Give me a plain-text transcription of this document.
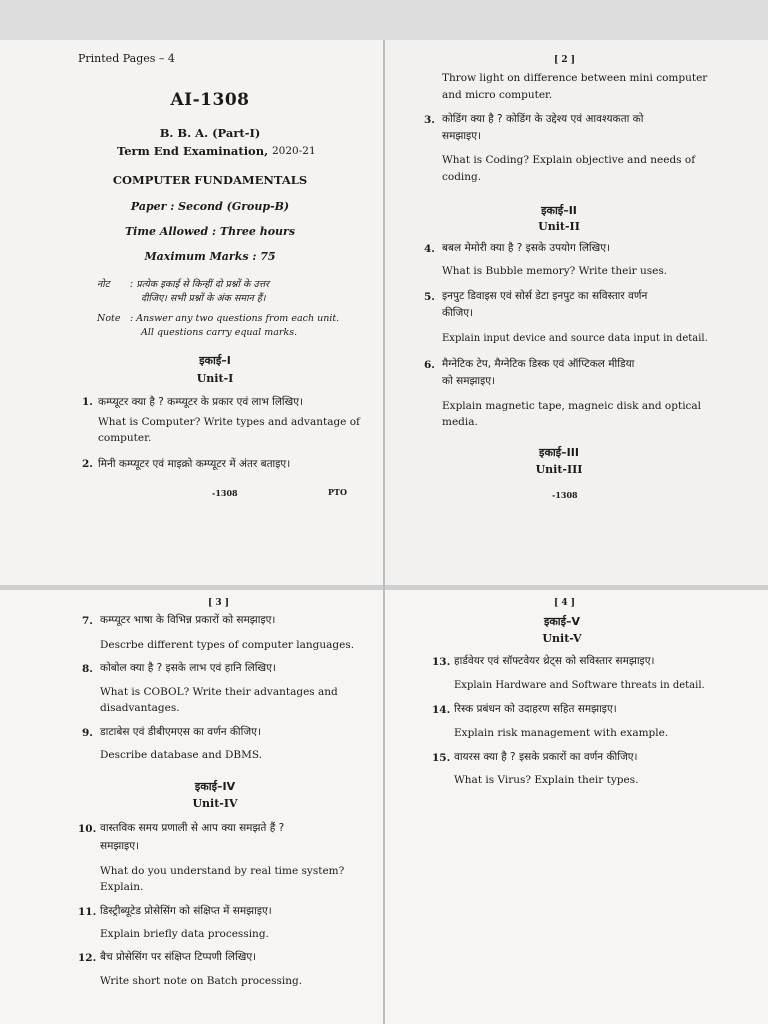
Printed Pages – 4
AI-1308
B. B. A. (Part-I)
Term End Examination, 2020-21
COMPUTER FUNDAMENTALS
Paper : Second (Group-B)
Time Allowed : Three hours
Maximum Marks : 75
नोट : प्रत्येक इकाई से किन्हीं दो प्रश्नों के उत्तर
दीजिए। सभी प्रश्नों के अंक समान हैं।
Note : Answer any two questions from each unit.
All questions carry equal marks.
इकाई–I
Unit-I
1. कम्प्यूटर क्या है ? कम्प्यूटर के प्रकार एवं लाभ लिखिए।
What is Computer? Write types and advantage of
computer.
2. मिनी कम्प्यूटर एवं माइक्रो कम्प्यूटर में अंतर बताइए।
-1308	PTO
[ 2 ]
Throw light on difference between mini computer
and micro computer.
3. कोडिंग क्या है ? कोडिंग के उद्देश्य एवं आवश्यकता को
समझाइए।
What is Coding? Explain objective and needs of
coding.
इकाई–II
Unit-II
4. बबल मेमोरी क्या है ? इसके उपयोग लिखिए।
What is Bubble memory? Write their uses.
5. इनपुट डिवाइस एवं सोर्स डेटा इनपुट का सविस्तार वर्णन
कीजिए।
Explain input device and source data input in detail.
6. मैग्नेटिक टेप, मैग्नेटिक डिस्क एवं ऑप्टिकल मीडिया
को समझाइए।
Explain magnetic tape, magneic disk and optical
media.
इकाई–III
Unit-III
-1308
[ 3 ]
7. कम्प्यूटर भाषा के विभिन्न प्रकारों को समझाइए।
Descrbe different types of computer languages.
8. कोबोल क्या है ? इसके लाभ एवं हानि लिखिए।
What is COBOL? Write their advantages and
disadvantages.
9. डाटाबेस एवं डीबीएमएस का वर्णन कीजिए।
Describe database and DBMS.
इकाई–IV
Unit-IV
10. वास्तविक समय प्रणाली से आप क्या समझते हैं ?
समझाइए।
What do you understand by real time system?
Explain.
11. डिस्ट्रीब्यूटेड प्रोसेसिंग को संक्षिप्त में समझाइए।
Explain briefly data processing.
12. बैच प्रोसेसिंग पर संक्षिप्त टिप्पणी लिखिए।
Write short note on Batch processing.
[ 4 ]
इकाई–V
Unit-V
13. हार्डवेयर एवं सॉफ्टवेयर थ्रेट्स को सविस्तार समझाइए।
Explain Hardware and Software threats in detail.
14. रिस्क प्रबंधन को उदाहरण सहित समझाइए।
Explain risk management with example.
15. वायरस क्या है ? इसके प्रकारों का वर्णन कीजिए।
What is Virus? Explain their types.
